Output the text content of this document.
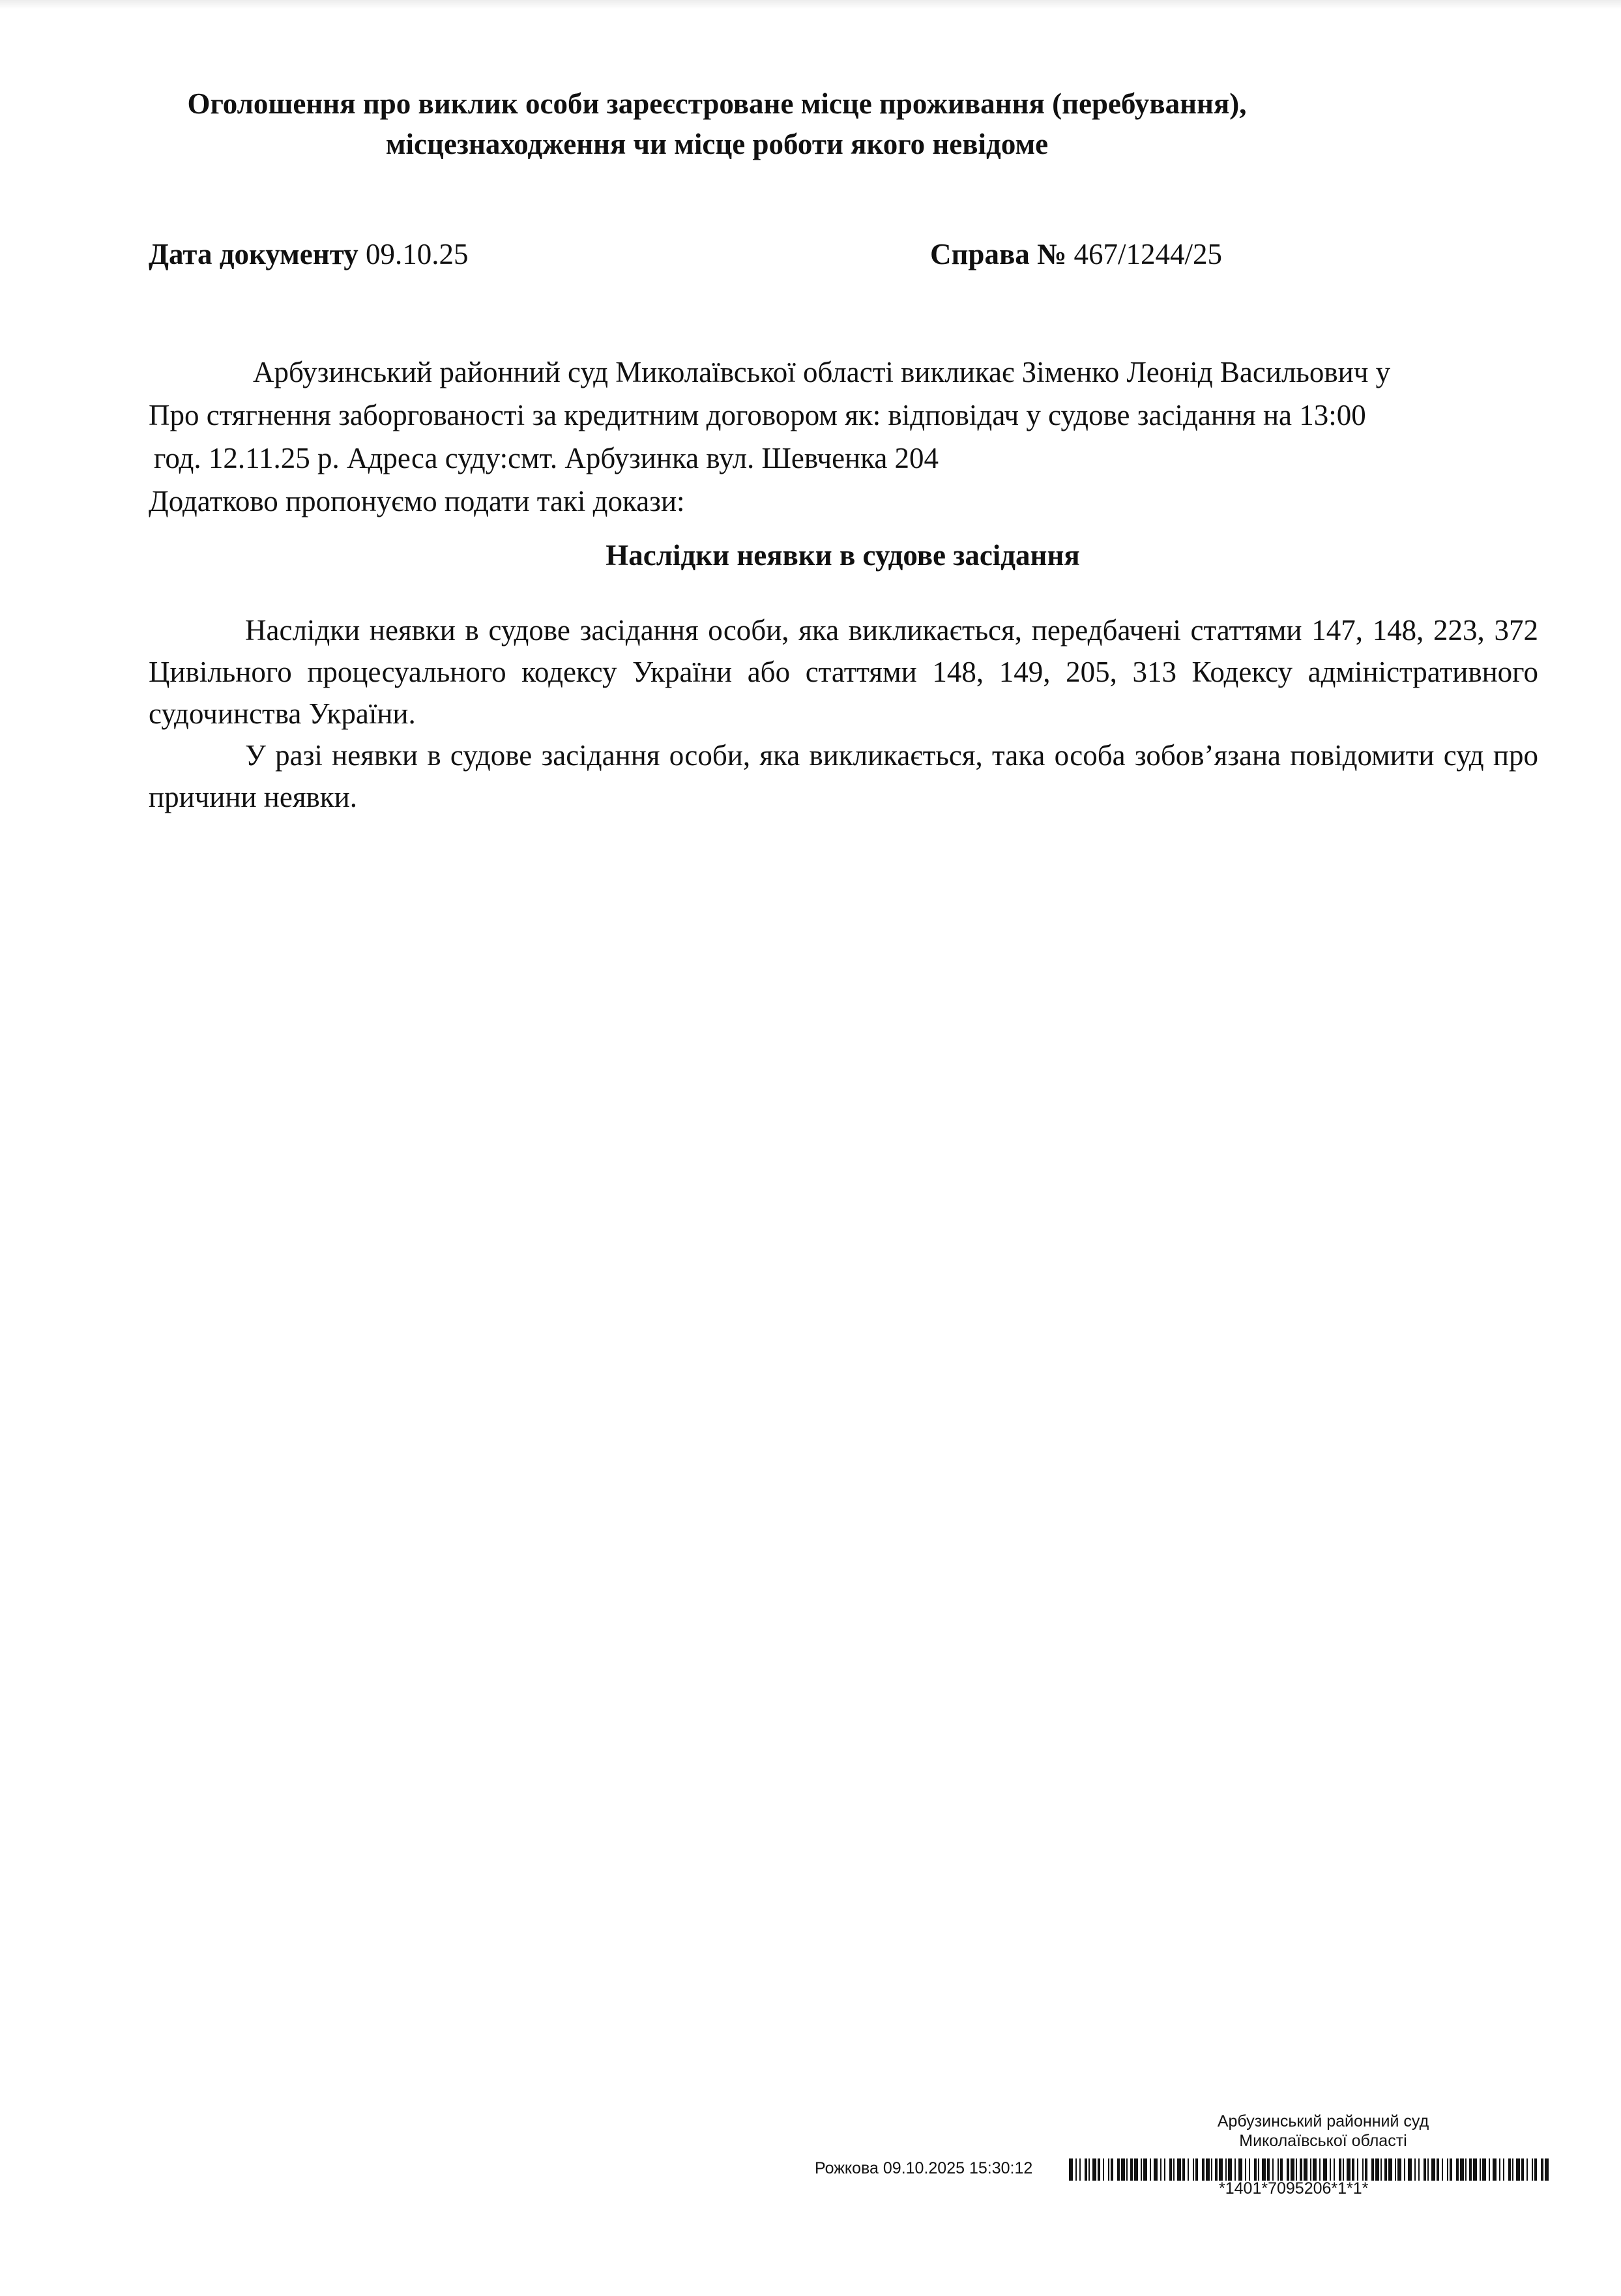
Оголошення про виклик особи зареєстроване місце проживання (перебування),
місцезнаходження чи місце роботи якого невідоме
Дата документу 09.10.25	Справа № 467/1244/25
Арбузинський районний суд Миколаївської області викликає Зіменко Леонід Васильович у
Про стягнення заборгованості за кредитним договором як: відповідач у судове засідання на 13:00
год. 12.11.25 р. Адреса суду:смт. Арбузинка вул. Шевченка 204
Додатково пропонуємо подати такі докази:
Наслідки неявки в судове засідання

Наслідки неявки в судове засідання особи, яка викликається, передбачені статтями 147, 148, 223, 372 Цивільного процесуального кодексу України або статтями 148, 149, 205, 313 Кодексу адміністративного судочинства України.

У разі неявки в судове засідання особи, яка викликається, така особа зобов’язана повідомити суд про причини неявки.

Арбузинський районний суд
Миколаївської області
Рожкова 09.10.2025 15:30:12
*1401*7095206*1*1*
